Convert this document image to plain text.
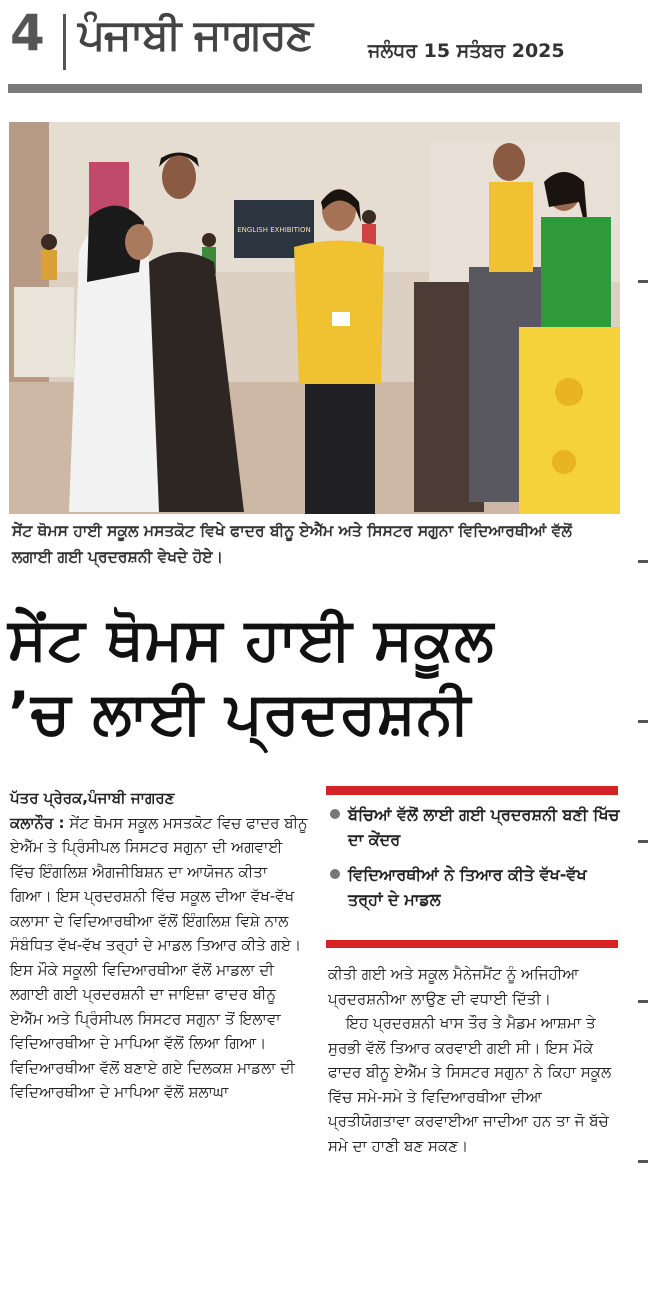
4 ਪੰਜਾਬੀ ਜਾਗਰਣ	ਜਲੰਧਰ 15 ਸਤੰਬਰ 2025
ENGLISH EXHIBITION
ਸੇਂਟ ਥੋਮਸ ਹਾਈ ਸਕੂਲ ਮਸਤਕੋਟ ਵਿਖੇ ਫਾਦਰ ਬੀਨੂ ਏਐੱਮ ਅਤੇ ਸਿਸਟਰ ਸਗੁਨਾ ਵਿਦਿਆਰਥੀਆਂ ਵੱਲੋਂ ਲਗਾਈ ਗਈ ਪ੍ਰਦਰਸ਼ਨੀ ਵੇਖਦੇ ਹੋਏ।
ਸੇਂਟ ਥੋਮਸ ਹਾਈ ਸਕੂਲ
’ਚ ਲਾਈ ਪ੍ਰਦਰਸ਼ਨੀ
ਪੱਤਰ ਪ੍ਰੇਰਕ,ਪੰਜਾਬੀ ਜਾਗਰਣ

ਕਲਾਨੌਰ : ਸੇਂਟ ਥੋਮਸ ਸਕੂਲ ਮਸਤਕੋਟ ਵਿਚ ਫਾਦਰ ਬੀਨੂ ਏਐੱਮ ਤੇ ਪ੍ਰਿੰਸੀਪਲ ਸਿਸਟਰ ਸਗੁਨਾ ਦੀ ਅਗਵਾਈ ਵਿੱਚ ਇੰਗਲਿਸ਼ ਐਗਜੀਬਿਸ਼ਨ ਦਾ ਆਯੋਜਨ ਕੀਤਾ ਗਿਆ। ਇਸ ਪ੍ਰਦਰਸ਼ਨੀ ਵਿੱਚ ਸਕੂਲ ਦੀਆ ਵੱਖ-ਵੱਖ ਕਲਾਸਾ ਦੇ ਵਿਦਿਆਰਥੀਆ ਵੱਲੋਂ ਇੰਗਲਿਸ਼ ਵਿਸ਼ੇ ਨਾਲ ਸੰਬੰਧਿਤ ਵੱਖ-ਵੱਖ ਤਰ੍ਹਾਂ ਦੇ ਮਾਡਲ ਤਿਆਰ ਕੀਤੇ ਗਏ। ਇਸ ਮੌਕੇ ਸਕੂਲੀ ਵਿਦਿਆਰਥੀਆ ਵੱਲੋਂ ਮਾਡਲਾ ਦੀ ਲਗਾਈ ਗਈ ਪ੍ਰਦਰਸ਼ਨੀ ਦਾ ਜਾਇਜ਼ਾ ਫਾਦਰ ਬੀਨੂ ਏਐੱਮ ਅਤੇ ਪ੍ਰਿੰਸੀਪਲ ਸਿਸਟਰ ਸਗੁਨਾ ਤੋਂ ਇਲਾਵਾ ਵਿਦਿਆਰਥੀਆ ਦੇ ਮਾਪਿਆ ਵੱਲੋਂ ਲਿਆ ਗਿਆ। ਵਿਦਿਆਰਥੀਆ ਵੱਲੋਂ ਬਣਾਏ ਗਏ ਦਿਲਕਸ਼ ਮਾਡਲਾ ਦੀ ਵਿਦਿਆਰਥੀਆ ਦੇ ਮਾਪਿਆ ਵੱਲੋਂ ਸ਼ਲਾਘਾ

ਬੱਚਿਆਂ ਵੱਲੋਂ ਲਾਈ ਗਈ ਪ੍ਰਦਰਸ਼ਨੀ ਬਣੀ ਖਿੱਚ ਦਾ ਕੇਂਦਰ
ਵਿਦਿਆਰਥੀਆਂ ਨੇ ਤਿਆਰ ਕੀਤੇ ਵੱਖ-ਵੱਖ ਤਰ੍ਹਾਂ ਦੇ ਮਾਡਲ

ਕੀਤੀ ਗਈ ਅਤੇ ਸਕੂਲ ਮੈਨੇਜਮੈਂਟ ਨੂੰ ਅਜਿਹੀਆ ਪ੍ਰਦਰਸ਼ਨੀਆ ਲਾਉਣ ਦੀ ਵਧਾਈ ਦਿੱਤੀ।

ਇਹ ਪ੍ਰਦਰਸ਼ਨੀ ਖਾਸ ਤੌਰ ਤੇ ਮੈਡਮ ਆਸ਼ਮਾ ਤੇ ਸੁਰਭੀ ਵੱਲੋਂ ਤਿਆਰ ਕਰਵਾਈ ਗਈ ਸੀ। ਇਸ ਮੌਕੇ ਫਾਦਰ ਬੀਨੂ ਏਐੱਮ ਤੇ ਸਿਸਟਰ ਸਗੁਨਾ ਨੇ ਕਿਹਾ ਸਕੂਲ ਵਿੱਚ ਸਮੇ-ਸਮੇ ਤੇ ਵਿਦਿਆਰਥੀਆ ਦੀਆ ਪ੍ਰਤੀਯੋਗਤਾਵਾ ਕਰਵਾਈਆ ਜਾਦੀਆ ਹਨ ਤਾ ਜੋ ਬੱਚੇ ਸਮੇ ਦਾ ਹਾਣੀ ਬਣ ਸਕਣ।
